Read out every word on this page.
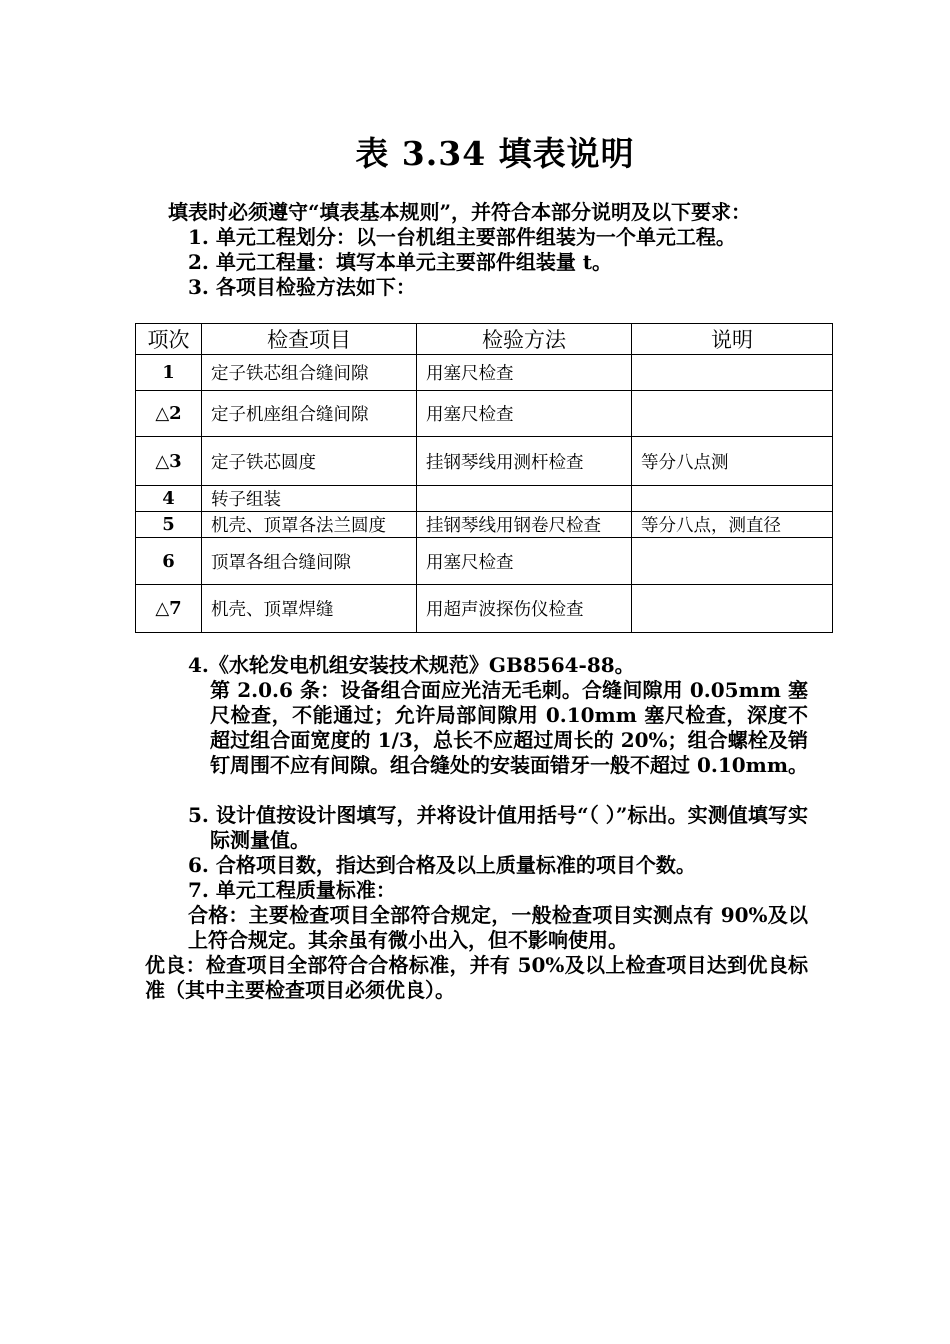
表 3.34 填表说明
填表时必须遵守“填表基本规则”，并符合本部分说明及以下要求：
1. 单元工程划分：以一台机组主要部件组装为一个单元工程。
2. 单元工程量：填写本单元主要部件组装量 t。
3. 各项目检验方法如下：
项次	检查项目	检验方法	说明
1	定子铁芯组合缝间隙	用塞尺检查	
△2	定子机座组合缝间隙	用塞尺检查	
△3	定子铁芯圆度	挂钢琴线用测杆检查	等分八点测
4	转子组装		
5	机壳、顶罩各法兰圆度	挂钢琴线用钢卷尺检查	等分八点，测直径
6	顶罩各组合缝间隙	用塞尺检查	
△7	机壳、顶罩焊缝	用超声波探伤仪检查	
4.《水轮发电机组安装技术规范》GB8564-88。
第 2.0.6 条：设备组合面应光洁无毛刺。合缝间隙用 0.05mm 塞尺检查，不能通过；允许局部间隙用 0.10mm 塞尺检查，深度不超过组合面宽度的 1/3，总长不应超过周长的 20%；组合螺栓及销钉周围不应有间隙。组合缝处的安装面错牙一般不超过 0.10mm。
5. 设计值按设计图填写，并将设计值用括号“（ ）”标出。实测值填写实际测量值。
6. 合格项目数，指达到合格及以上质量标准的项目个数。
7. 单元工程质量标准：
合格：主要检查项目全部符合规定，一般检查项目实测点有 90%及以上符合规定。其余虽有微小出入，但不影响使用。
优良：检查项目全部符合合格标准，并有 50%及以上检查项目达到优良标准（其中主要检查项目必须优良）。
